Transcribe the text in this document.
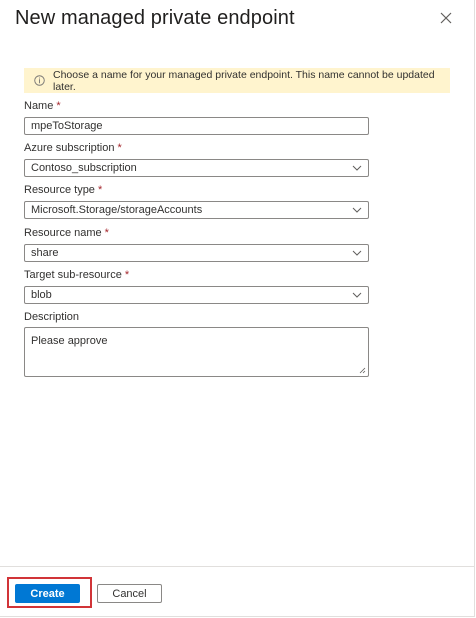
New managed private endpoint
Choose a name for your managed private endpoint. This name cannot be updated later.
Name *
mpeToStorage
Azure subscription *
Contoso_subscription
Resource type *
Microsoft.Storage/storageAccounts
Resource name *
share
Target sub-resource *
blob
Description
Please approve
Create	Cancel
